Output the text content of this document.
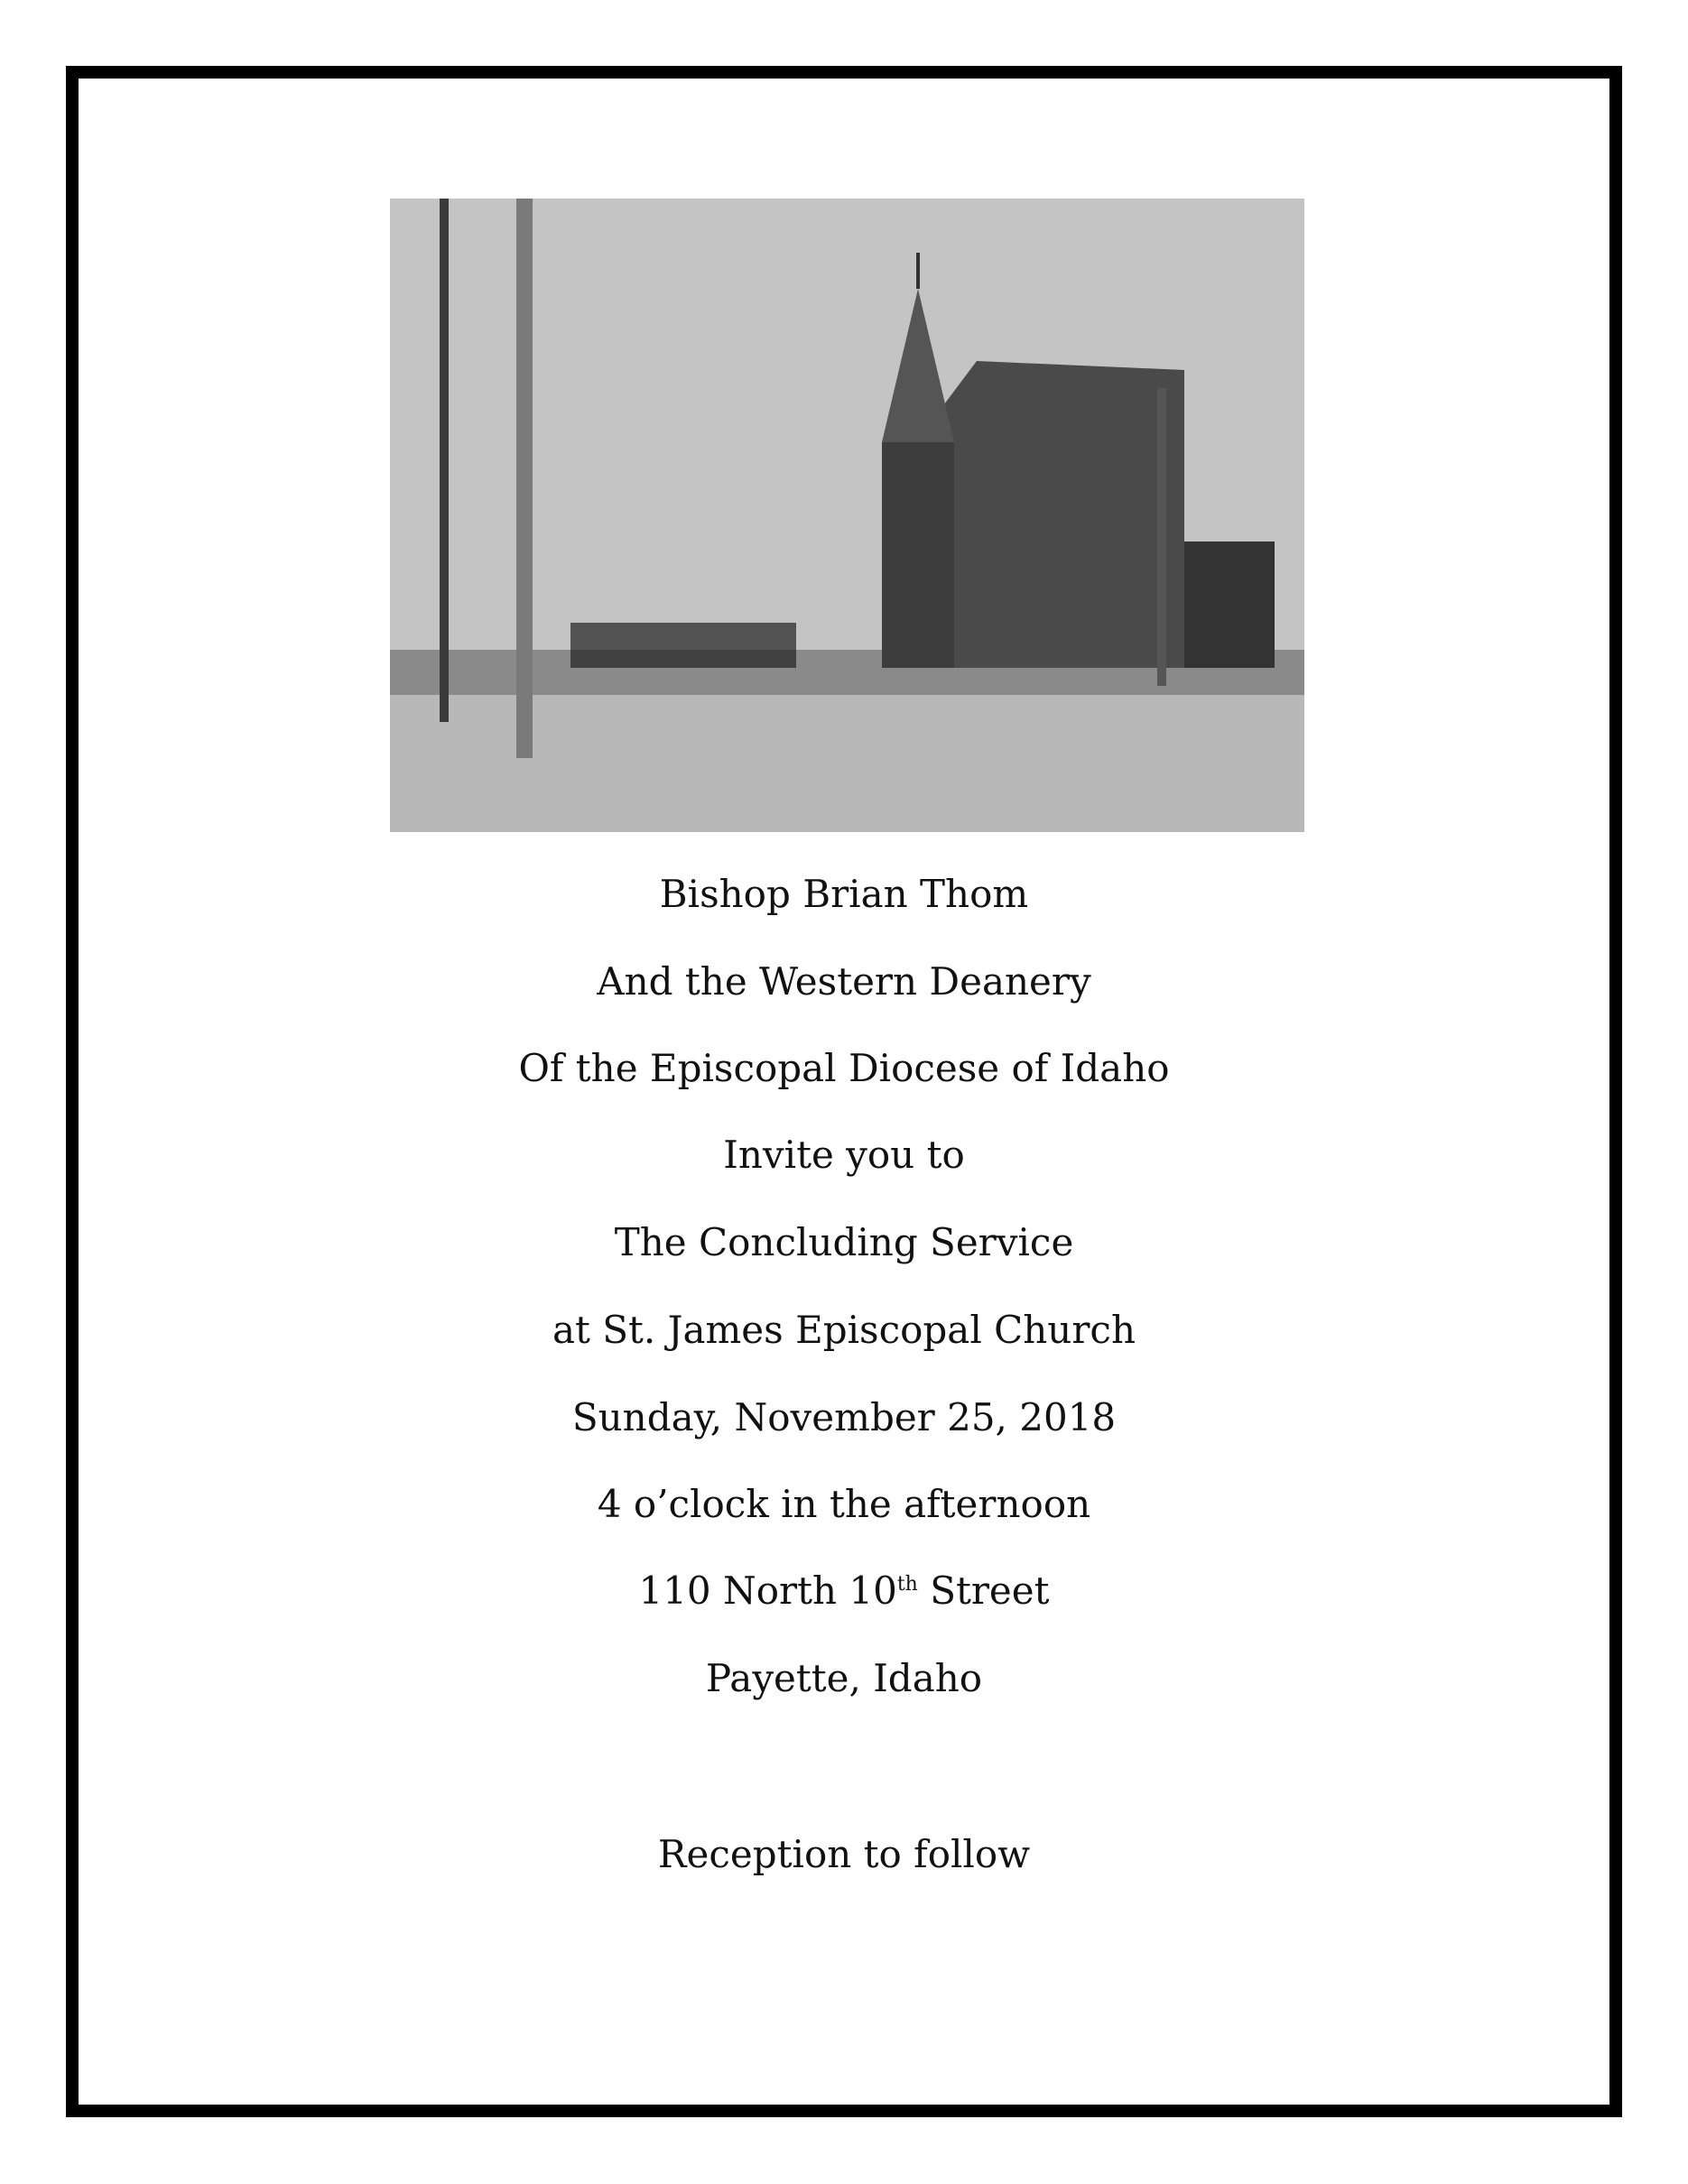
Bishop Brian Thom
And the Western Deanery
Of the Episcopal Diocese of Idaho
Invite you to
The Concluding Service
at St. James Episcopal Church
Sunday, November 25, 2018
4 o’clock in the afternoon
110 North 10th Street
Payette, Idaho
Reception to follow
